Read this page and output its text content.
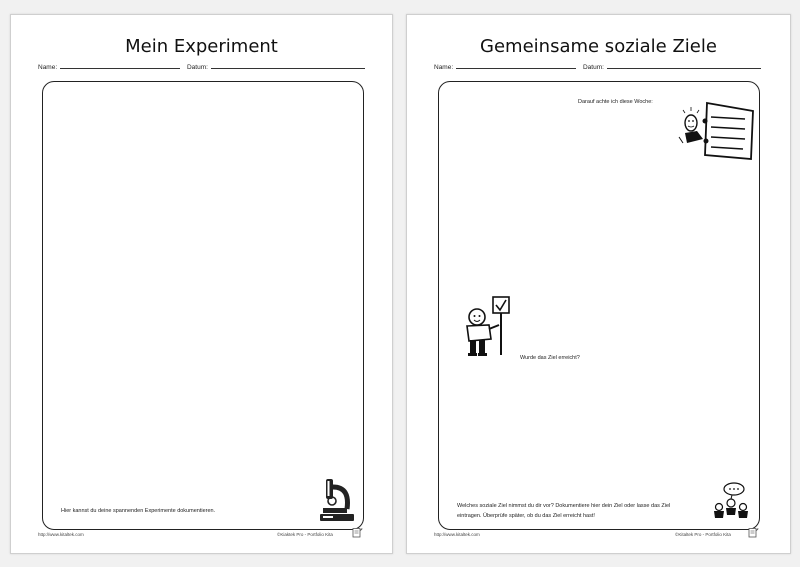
Mein Experiment
Name:	Datum:
Hier kannst du deine spannenden Experimente dokumentieren.
http://www.kitaltek.com	©Kiaktek Pro - Portfolio Kita
Gemeinsame soziale Ziele
Name:	Datum:
Darauf achte ich diese Woche:
Wurde das Ziel erreicht?
Welches soziale Ziel nimmst du dir vor? Dokumentiere hier dein Ziel oder lasse das Ziel
eintragen. Überprüfe später, ob du das Ziel erreicht hast!
http://www.kitaltek.com	©Kitaltek Pro - Portfolio Kita
